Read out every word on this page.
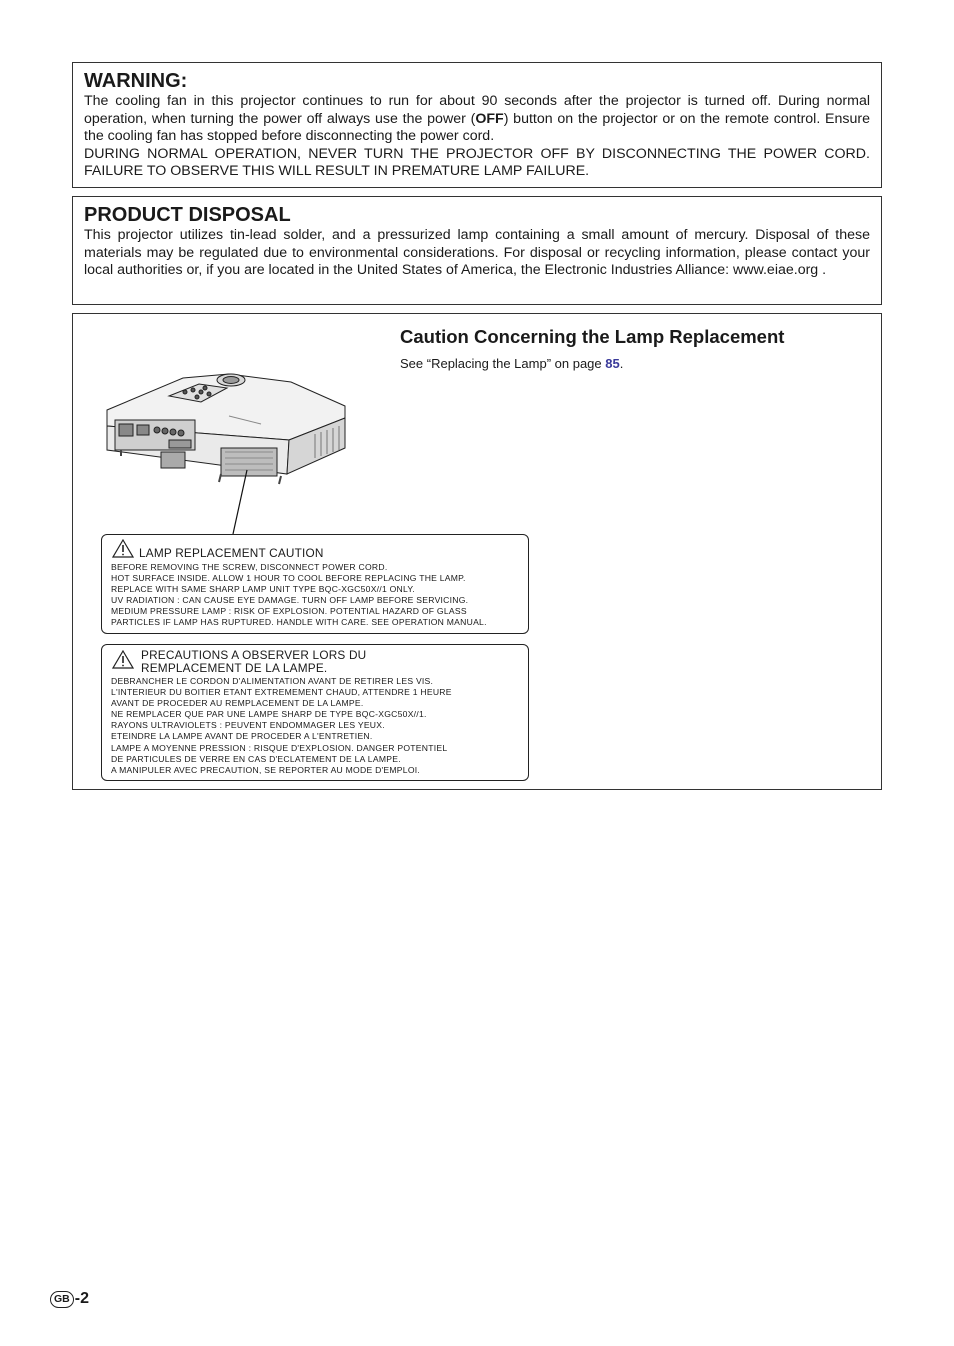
WARNING:

The cooling fan in this projector continues to run for about 90 seconds after the projector is turned off. During normal operation, when turning the power off always use the power (OFF) button on the projector or on the remote control. Ensure the cooling fan has stopped before disconnecting the power cord.

DURING NORMAL OPERATION, NEVER TURN THE PROJECTOR OFF BY DISCONNECTING THE POWER CORD. FAILURE TO OBSERVE THIS WILL RESULT IN PREMATURE LAMP FAILURE.

PRODUCT DISPOSAL

This projector utilizes tin-lead solder, and a pressurized lamp containing a small amount of mercury. Disposal of these materials may be regulated due to environmental considerations. For disposal or recycling information, please contact your local authorities or, if you are located in the United States of America, the Electronic Industries Alliance: www.eiae.org .

Caution Concerning the Lamp Replacement

See “Replacing the Lamp” on page 85.

LAMP REPLACEMENT CAUTION
BEFORE REMOVING THE SCREW, DISCONNECT POWER CORD.
HOT SURFACE INSIDE. ALLOW 1 HOUR TO COOL BEFORE REPLACING THE LAMP.
REPLACE WITH SAME SHARP LAMP UNIT TYPE BQC-XGC50X//1 ONLY.
UV RADIATION : CAN CAUSE EYE DAMAGE. TURN OFF LAMP BEFORE SERVICING.
MEDIUM PRESSURE LAMP : RISK OF EXPLOSION. POTENTIAL HAZARD OF GLASS
PARTICLES IF LAMP HAS RUPTURED. HANDLE WITH CARE. SEE OPERATION MANUAL.
PRECAUTIONS A OBSERVER LORS DU
REMPLACEMENT DE LA LAMPE.
DEBRANCHER LE CORDON D'ALIMENTATION AVANT DE RETIRER LES VIS.
L'INTERIEUR DU BOITIER ETANT EXTREMEMENT CHAUD, ATTENDRE 1 HEURE
AVANT DE PROCEDER AU REMPLACEMENT DE LA LAMPE.
NE REMPLACER QUE PAR UNE LAMPE SHARP DE TYPE BQC-XGC50X//1.
RAYONS ULTRAVIOLETS : PEUVENT ENDOMMAGER LES YEUX.
ETEINDRE LA LAMPE AVANT DE PROCEDER A L'ENTRETIEN.
LAMPE A MOYENNE PRESSION : RISQUE D'EXPLOSION. DANGER POTENTIEL
DE PARTICULES DE VERRE EN CAS D'ECLATEMENT DE LA LAMPE.
A MANIPULER AVEC PRECAUTION, SE REPORTER AU MODE D'EMPLOI.
GB -2
